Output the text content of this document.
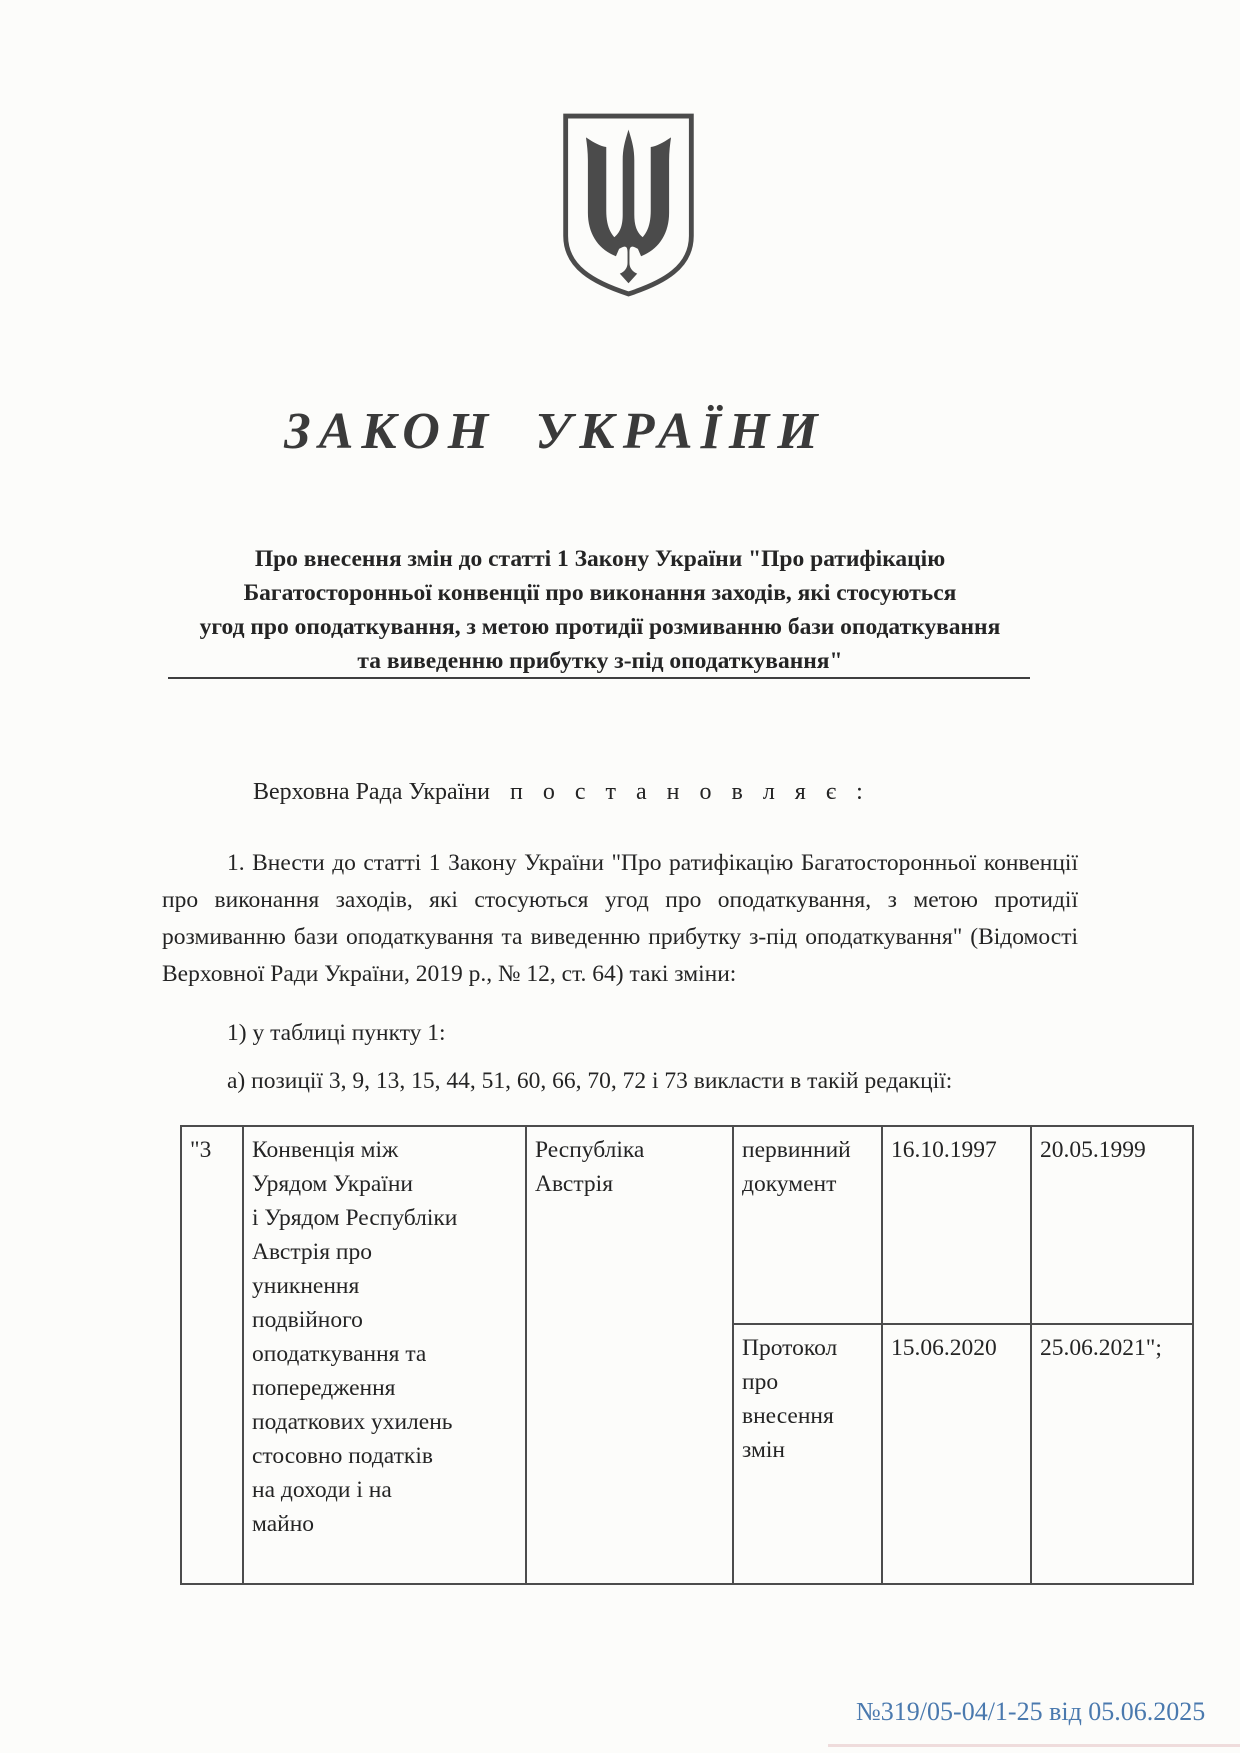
ЗАКОН УКРАЇНИ
Про внесення змін до статті 1 Закону України "Про ратифікацію
Багатосторонньої конвенції про виконання заходів, які стосуються
угод про оподаткування, з метою протидії розмиванню бази оподаткування
та виведенню прибутку з-під оподаткування"
Верховна Рада України п о с т а н о в л я є :
1. Внести до статті 1 Закону України "Про ратифікацію Багатосторонньої конвенції про виконання заходів, які стосуються угод про оподаткування, з метою протидії розмиванню бази оподаткування та виведенню прибутку з-під оподаткування" (Відомості Верховної Ради України, 2019 р., № 12, ст. 64) такі зміни:
1) у таблиці пункту 1:
а) позиції 3, 9, 13, 15, 44, 51, 60, 66, 70, 72 і 73 викласти в такій редакції:
"3	Конвенція між
Урядом України
і Урядом Республіки
Австрія про
уникнення
подвійного
оподаткування та
попередження
податкових ухилень
стосовно податків
на доходи і на
майно
	Республіка Австрія	первинний документ	16.10.1997	20.05.1999
			Протокол про внесення змін	15.06.2020	25.06.2021";
№319/05-04/1-25 від 05.06.2025
